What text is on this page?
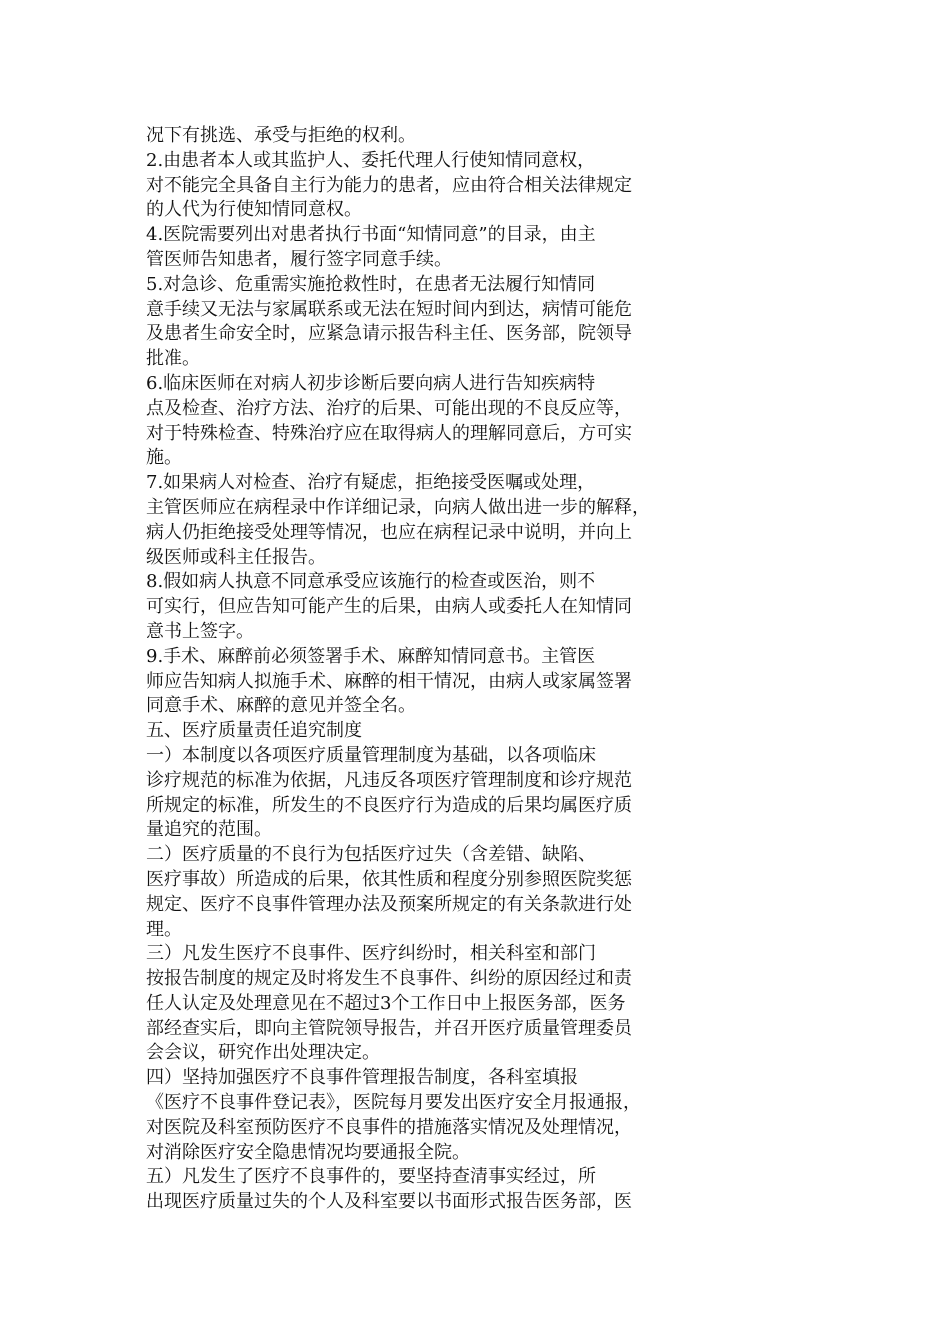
况下有挑选、承受与拒绝的权利。
2.由患者本人或其监护人、委托代理人行使知情同意权，
对不能完全具备自主行为能力的患者，应由符合相关法律规定
的人代为行使知情同意权。
4.医院需要列出对患者执行书面“知情同意”的目录，由主
管医师告知患者，履行签字同意手续。
5.对急诊、危重需实施抢救性时，在患者无法履行知情同
意手续又无法与家属联系或无法在短时间内到达，病情可能危
及患者生命安全时，应紧急请示报告科主任、医务部，院领导
批准。
6.临床医师在对病人初步诊断后要向病人进行告知疾病特
点及检查、治疗方法、治疗的后果、可能出现的不良反应等，
对于特殊检查、特殊治疗应在取得病人的理解同意后，方可实
施。
7.如果病人对检查、治疗有疑虑，拒绝接受医嘱或处理，
主管医师应在病程录中作详细记录，向病人做出进一步的解释，
病人仍拒绝接受处理等情况，也应在病程记录中说明，并向上
级医师或科主任报告。
8.假如病人执意不同意承受应该施行的检查或医治，则不
可实行，但应告知可能产生的后果，由病人或委托人在知情同
意书上签字。
9.手术、麻醉前必须签署手术、麻醉知情同意书。主管医
师应告知病人拟施手术、麻醉的相干情况，由病人或家属签署
同意手术、麻醉的意见并签全名。
五、医疗质量责任追究制度
一）本制度以各项医疗质量管理制度为基础，以各项临床
诊疗规范的标准为依据，凡违反各项医疗管理制度和诊疗规范
所规定的标准，所发生的不良医疗行为造成的后果均属医疗质
量追究的范围。
二）医疗质量的不良行为包括医疗过失（含差错、缺陷、
医疗事故）所造成的后果，依其性质和程度分别参照医院奖惩
规定、医疗不良事件管理办法及预案所规定的有关条款进行处
理。
三）凡发生医疗不良事件、医疗纠纷时，相关科室和部门
按报告制度的规定及时将发生不良事件、纠纷的原因经过和责
任人认定及处理意见在不超过3个工作日中上报医务部，医务
部经查实后，即向主管院领导报告，并召开医疗质量管理委员
会会议，研究作出处理决定。
四）坚持加强医疗不良事件管理报告制度，各科室填报
《医疗不良事件登记表》，医院每月要发出医疗安全月报通报，
对医院及科室预防医疗不良事件的措施落实情况及处理情况，
对消除医疗安全隐患情况均要通报全院。
五）凡发生了医疗不良事件的，要坚持查清事实经过，所
出现医疗质量过失的个人及科室要以书面形式报告医务部，医
